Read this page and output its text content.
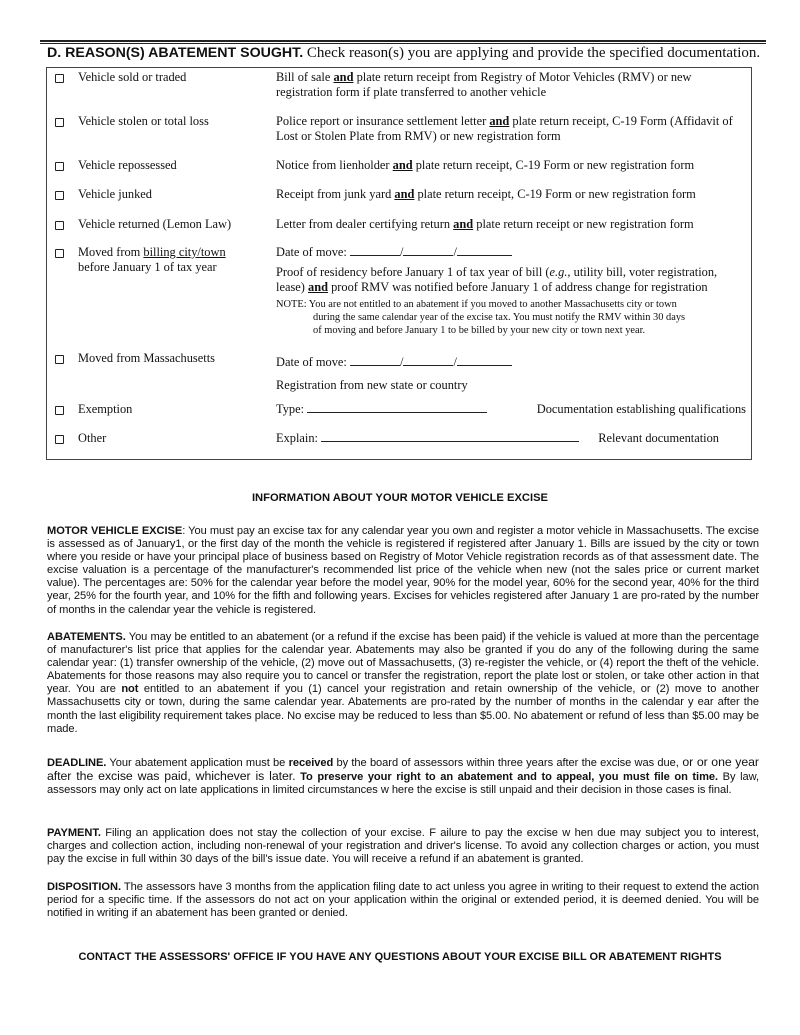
D. REASON(S) ABATEMENT SOUGHT. Check reason(s) you are applying and provide the specified documentation.
Vehicle sold or traded	Bill of sale and plate return receipt from Registry of Motor Vehicles (RMV) or new registration form if plate transferred to another vehicle
Vehicle stolen or total loss	Police report or insurance settlement letter and plate return receipt, C-19 Form (Affidavit of Lost or Stolen Plate from RMV) or new registration form
Vehicle repossessed	Notice from lienholder and plate return receipt, C-19 Form or new registration form
Vehicle junked	Receipt from junk yard and plate return receipt, C-19 Form or new registration form
Vehicle returned (Lemon Law)	Letter from dealer certifying return and plate return receipt or new registration form
Moved from billing city/town
before January 1 of tax year
Date of move:	/	/
Proof of residency before January 1 of tax year of bill (e.g., utility bill, voter registration, lease) and proof RMV was notified before January 1 of address change for registration
NOTE: You are not entitled to an abatement if you moved to another Massachusetts city or town
during the same calendar year of the excise tax. You must notify the RMV within 30 days
of moving and before January 1 to be billed by your new city or town next year.
Moved from Massachusetts	Date of move:	/	/
Registration from new state or country
Exemption	Type:	Documentation establishing qualifications
Other	Explain:	Relevant documentation
INFORMATION ABOUT YOUR MOTOR VEHICLE EXCISE
MOTOR VEHICLE EXCISE: You must pay an excise tax for any calendar year you own and register a motor vehicle in Massachusetts. The excise is assessed as of January1, or the first day of the month the vehicle is registered if registered after January 1. Bills are issued by the city or town where you reside or have your principal place of business based on Registry of Motor Vehicle registration records as of that assessment date. The excise valuation is a percentage of the manufacturer's recommended list price of the vehicle when new (not the sales price or current market value). The percentages are: 50% for the calendar year before the model year, 90% for the model year, 60% for the second year, 40% for the third year, 25% for the fourth year, and 10% for the fifth and following years. Excises for vehicles registered after January 1 are pro-rated by the number of months in the calendar year the vehicle is registered.
ABATEMENTS. You may be entitled to an abatement (or a refund if the excise has been paid) if the vehicle is valued at more than the percentage of manufacturer's list price that applies for the calendar year. Abatements may also be granted if you do any of the following during the same calendar year: (1) transfer ownership of the vehicle, (2) move out of Massachusetts, (3) re-register the vehicle, or (4) report the theft of the vehicle. Abatements for those reasons may also require you to cancel or transfer the registration, report the plate lost or stolen, or take other action in that year. You are not entitled to an abatement if you (1) cancel your registration and retain ownership of the vehicle, or (2) move to another Massachusetts city or town, during the same calendar year. Abatements are pro-rated by the number of months in the calendar y ear after the month the last eligibility requirement takes place. No excise may be reduced to less than $5.00. No abatement or refund of less than $5.00 may be made.
DEADLINE. Your abatement application must be received by the board of assessors within three years after the excise was due, or or one year after the excise was paid, whichever is later. To preserve your right to an abatement and to appeal, you must file on time. By law, assessors may only act on late applications in limited circumstances w here the excise is still unpaid and their decision in those cases is final.
PAYMENT. Filing an application does not stay the collection of your excise. F ailure to pay the excise w hen due may subject you to interest, charges and collection action, including non-renewal of your registration and driver's license. To avoid any collection charges or action, you must pay the excise in full within 30 days of the bill's issue date. You will receive a refund if an abatement is granted.
DISPOSITION. The assessors have 3 months from the application filing date to act unless you agree in writing to their request to extend the action period for a specific time. If the assessors do not act on your application within the original or extended period, it is deemed denied. You will be notified in writing if an abatement has been granted or denied.
CONTACT THE ASSESSORS' OFFICE IF YOU HAVE ANY QUESTIONS ABOUT YOUR EXCISE BILL OR ABATEMENT RIGHTS
